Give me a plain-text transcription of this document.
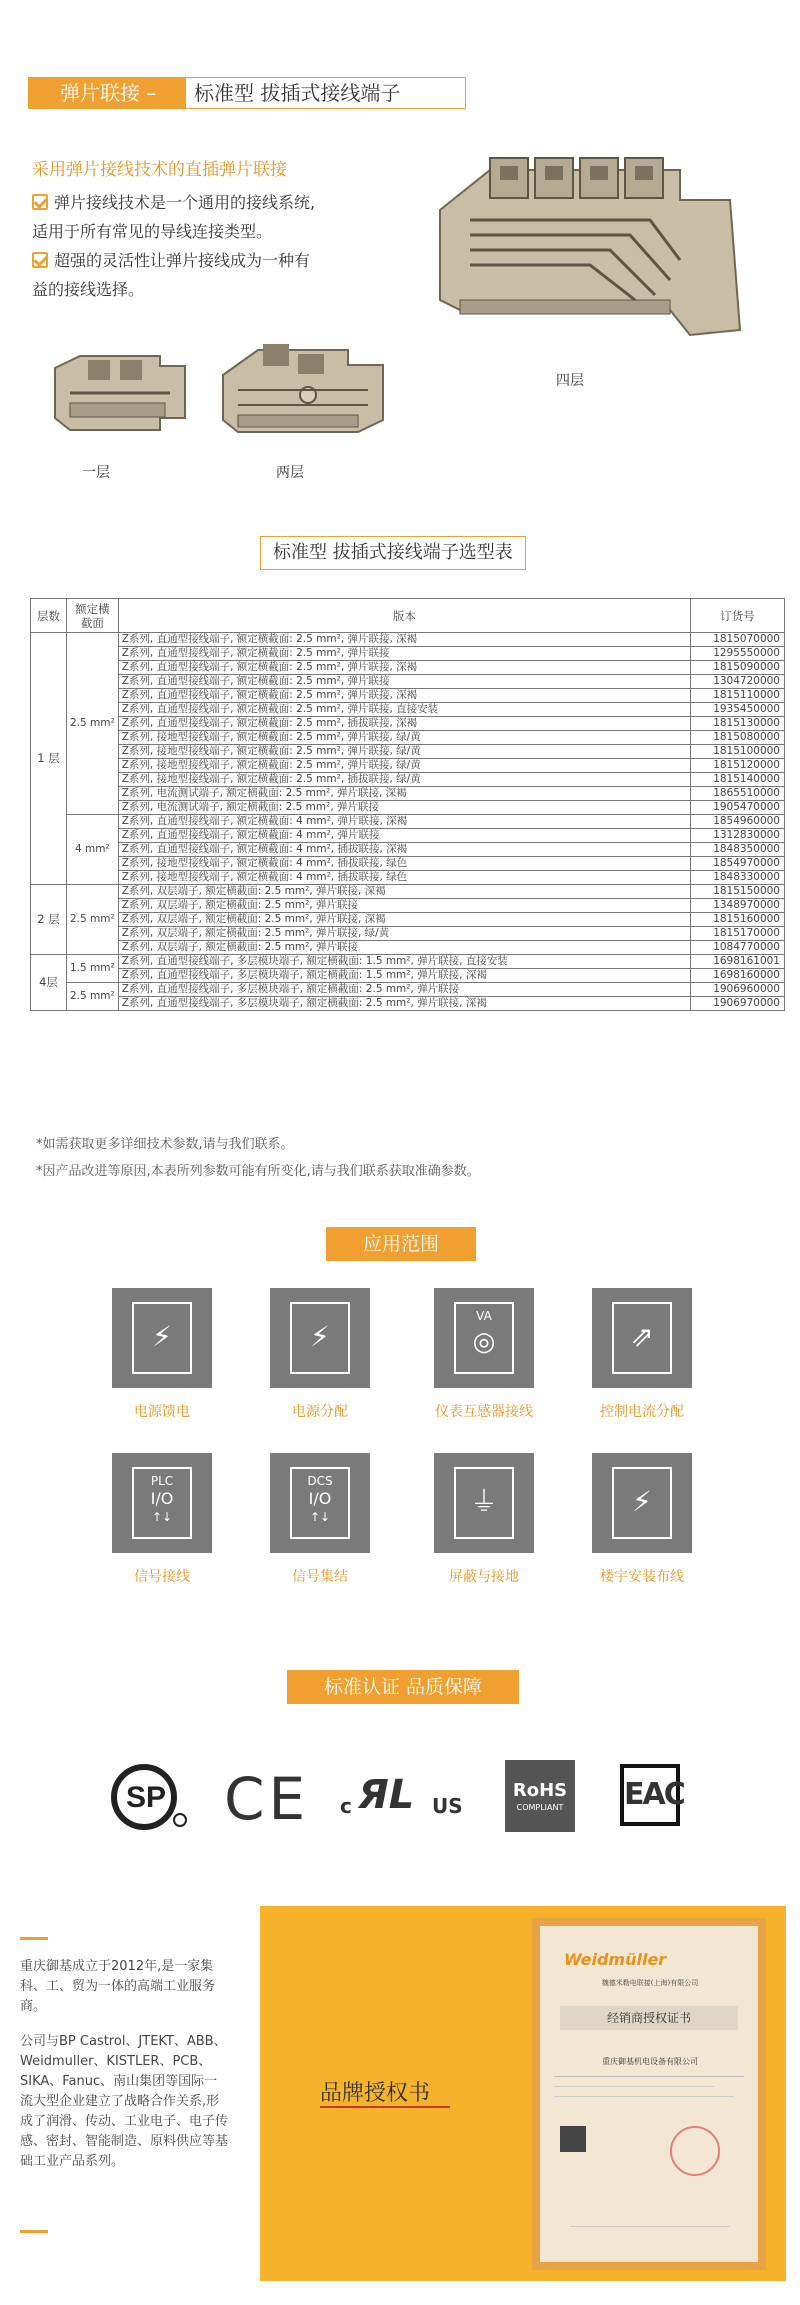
弹片联接 –	标准型 拔插式接线端子
采用弹片接线技术的直插弹片联接
弹片接线技术是一个通用的接线系统,
适用于所有常见的导线连接类型。
超强的灵活性让弹片接线成为一种有
益的接线选择。
四层
一层	两层
标准型 拔插式接线端子选型表
层数	额定横截面	版本	订货号
1 层	2.5 mm²	Z系列, 直通型接线端子, 额定横截面: 2.5 mm², 弹片联接, 深褐	1815070000
		Z系列, 直通型接线端子, 额定横截面: 2.5 mm², 弹片联接	1295550000
		Z系列, 直通型接线端子, 额定横截面: 2.5 mm², 弹片联接, 深褐	1815090000
		Z系列, 直通型接线端子, 额定横截面: 2.5 mm², 弹片联接	1304720000
		Z系列, 直通型接线端子, 额定横截面: 2.5 mm², 弹片联接, 深褐	1815110000
		Z系列, 直通型接线端子, 额定横截面: 2.5 mm², 弹片联接, 直接安装	1935450000
		Z系列, 直通型接线端子, 额定横截面: 2.5 mm², 插拔联接, 深褐	1815130000
		Z系列, 接地型接线端子, 额定横截面: 2.5 mm², 弹片联接, 绿/黄	1815080000
		Z系列, 接地型接线端子, 额定横截面: 2.5 mm², 弹片联接, 绿/黄	1815100000
		Z系列, 接地型接线端子, 额定横截面: 2.5 mm², 弹片联接, 绿/黄	1815120000
		Z系列, 接地型接线端子, 额定横截面: 2.5 mm², 插拔联接, 绿/黄	1815140000
		Z系列, 电流测试端子, 额定横截面: 2.5 mm², 弹片联接, 深褐	1865510000
		Z系列, 电流测试端子, 额定横截面: 2.5 mm², 弹片联接	1905470000
	4 mm²	Z系列, 直通型接线端子, 额定横截面: 4 mm², 弹片联接, 深褐	1854960000
		Z系列, 直通型接线端子, 额定横截面: 4 mm², 弹片联接	1312830000
		Z系列, 直通型接线端子, 额定横截面: 4 mm², 插拔联接, 深褐	1848350000
		Z系列, 接地型接线端子, 额定横截面: 4 mm², 插拔联接, 绿色	1854970000
		Z系列, 接地型接线端子, 额定横截面: 4 mm², 插拔联接, 绿色	1848330000
2 层	2.5 mm²	Z系列, 双层端子, 额定横截面: 2.5 mm², 弹片联接, 深褐	1815150000
		Z系列, 双层端子, 额定横截面: 2.5 mm², 弹片联接	1348970000
		Z系列, 双层端子, 额定横截面: 2.5 mm², 弹片联接, 深褐	1815160000
		Z系列, 双层端子, 额定横截面: 2.5 mm², 弹片联接, 绿/黄	1815170000
		Z系列, 双层端子, 额定横截面: 2.5 mm², 弹片联接	1084770000
4层	1.5 mm²	Z系列, 直通型接线端子, 多层模块端子, 额定横截面: 1.5 mm², 弹片联接, 直接安装	1698161001
		Z系列, 直通型接线端子, 多层模块端子, 额定横截面: 1.5 mm², 弹片联接, 深褐	1698160000
	2.5 mm²	Z系列, 直通型接线端子, 多层模块端子, 额定横截面: 2.5 mm², 弹片联接	1906960000
		Z系列, 直通型接线端子, 多层模块端子, 额定横截面: 2.5 mm², 弹片联接, 深褐	1906970000
*如需获取更多详细技术参数,请与我们联系。
*因产品改进等原因,本表所列参数可能有所变化,请与我们联系获取准确参数。
应用范围
⚡
电源馈电
⚡
电源分配
VA
◎
仪表互感器接线
⇗
控制电流分配
PLC
I/O
↑↓
信号接线
DCS
I/O
↑↓
信号集结
⏚
屏蔽与接地
⚡
楼宇安装布线
标准认证 品质保障
SP CE c ЯL US
RoHS
COMPLIANT	EAC
重庆御基成立于2012年,是一家集科、工、贸为一体的高端工业服务商。
公司与BP Castrol、JTEKT、ABB、Weidmuller、KISTLER、PCB、SIKA、Fanuc、南山集团等国际一流大型企业建立了战略合作关系,形成了润滑、传动、工业电子、电子传感、密封、智能制造、原料供应等基础工业产品系列。
品牌授权书
Weidmüller
魏德米勒电联接(上海)有限公司
经销商授权证书
重庆御基机电设备有限公司
